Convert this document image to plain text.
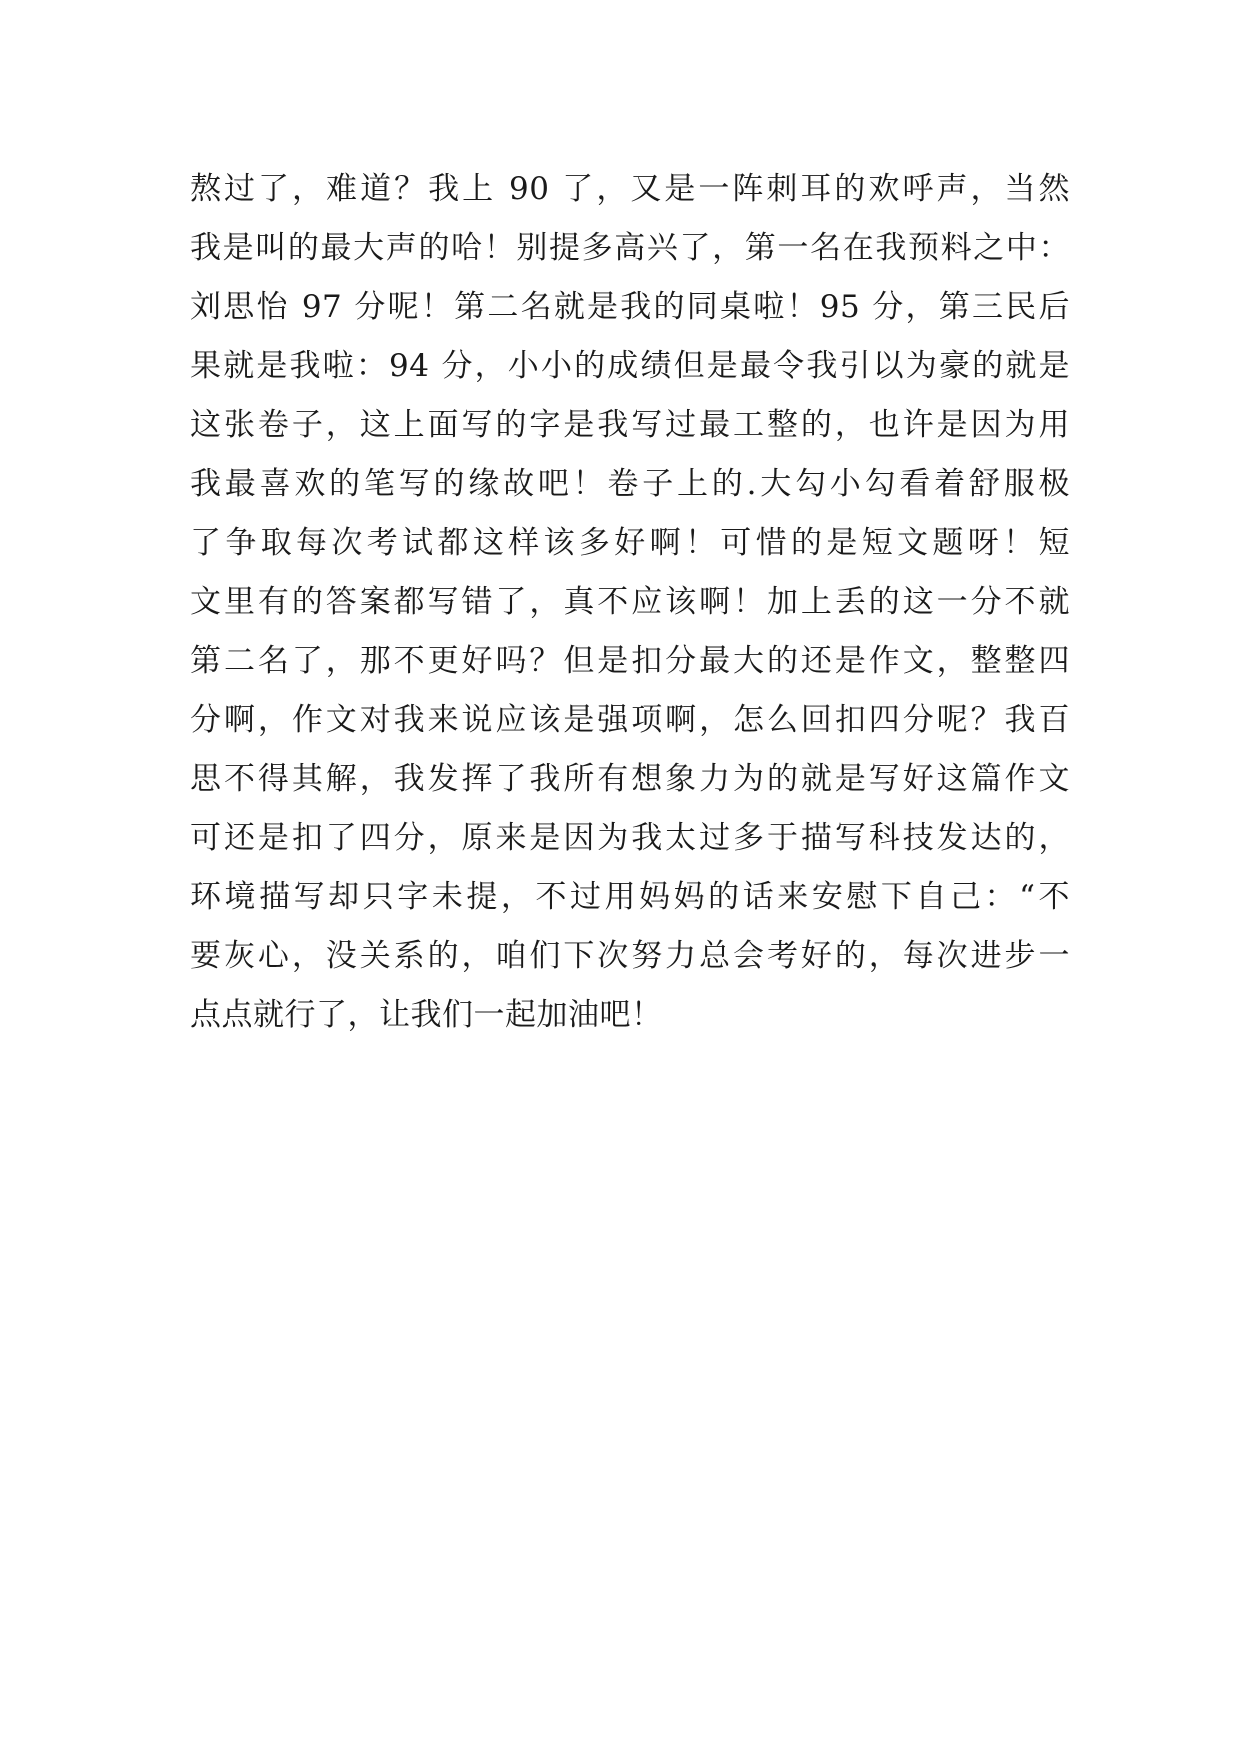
熬过了，难道？我上 90 了，又是一阵刺耳的欢呼声，当然
我是叫的最大声的哈！别提多高兴了，第一名在我预料之中：
刘思怡 97 分呢！第二名就是我的同桌啦！95 分，第三民后
果就是我啦：94 分，小小的成绩但是最令我引以为豪的就是
这张卷子，这上面写的字是我写过最工整的，也许是因为用
我最喜欢的笔写的缘故吧！卷子上的.大勾小勾看着舒服极
了争取每次考试都这样该多好啊！可惜的是短文题呀！短
文里有的答案都写错了，真不应该啊！加上丢的这一分不就
第二名了，那不更好吗？但是扣分最大的还是作文，整整四
分啊，作文对我来说应该是强项啊，怎么回扣四分呢？我百
思不得其解，我发挥了我所有想象力为的就是写好这篇作文
可还是扣了四分，原来是因为我太过多于描写科技发达的，
环境描写却只字未提，不过用妈妈的话来安慰下自己：“不
要灰心，没关系的，咱们下次努力总会考好的，每次进步一
点点就行了，让我们一起加油吧！
